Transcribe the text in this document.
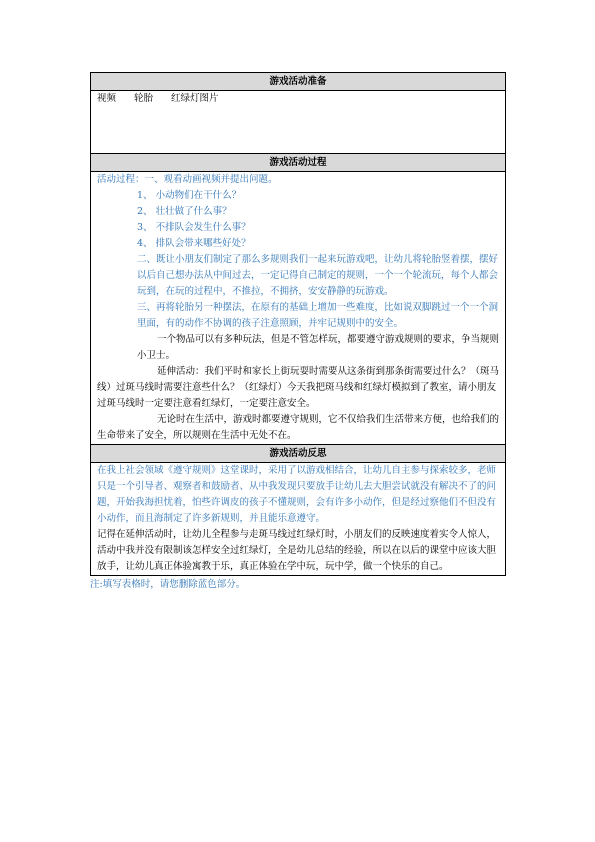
游戏活动准备
视频 轮胎 红绿灯图片
游戏活动过程

活动过程：一、观看动画视频并提出问题。

1、 小动物们在干什么？

2、 壮壮做了什么事？

3、 不排队会发生什么事？

4、 排队会带来哪些好处？

二、既让小朋友们制定了那么多规则我们一起来玩游戏吧，让幼儿将轮胎竖着摆，摆好以后自己想办法从中间过去，一定记得自己制定的规则，一个一个轮流玩，每个人都会玩到，在玩的过程中，不推拉，不拥挤，安安静静的玩游戏。

三、再将轮胎另一种摆法，在原有的基础上增加一些难度，比如说双脚跳过一个一个洞里面，有的动作不协调的孩子注意照顾，并牢记规则中的安全。

一个物品可以有多种玩法，但是不管怎样玩，都要遵守游戏规则的要求，争当规则小卫士。

延伸活动：我们平时和家长上街玩耍时需要从这条街到那条街需要过什么？（斑马线）过斑马线时需要注意些什么？（红绿灯）今天我把斑马线和红绿灯模拟到了教室，请小朋友过斑马线时一定要注意看红绿灯，一定要注意安全。

无论时在生活中，游戏时都要遵守规则，它不仅给我们生活带来方便，也给我们的生命带来了安全，所以规则在生活中无处不在。

游戏活动反思

在我上社会领域《遵守规则》这堂课时，采用了以游戏相结合，让幼儿自主参与探索较多，老师只是一个引导者、观察者和鼓励者、从中我发现只要放手让幼儿去大胆尝试就没有解决不了的问题，开始我海担忧着，怕些许调皮的孩子不懂规则，会有许多小动作，但是经过察他们不但没有小动作，而且海制定了许多新规则，并且能乐意遵守。

记得在延伸活动时，让幼儿全程参与走斑马线过红绿灯时，小朋友们的反映速度着实令人惊人，活动中我并没有限制该怎样安全过红绿灯，全是幼儿总结的经验，所以在以后的课堂中应该大胆放手，让幼儿真正体验寓教于乐，真正体验在学中玩，玩中学，做一个快乐的自己。

注:填写表格时，请您删除蓝色部分。
